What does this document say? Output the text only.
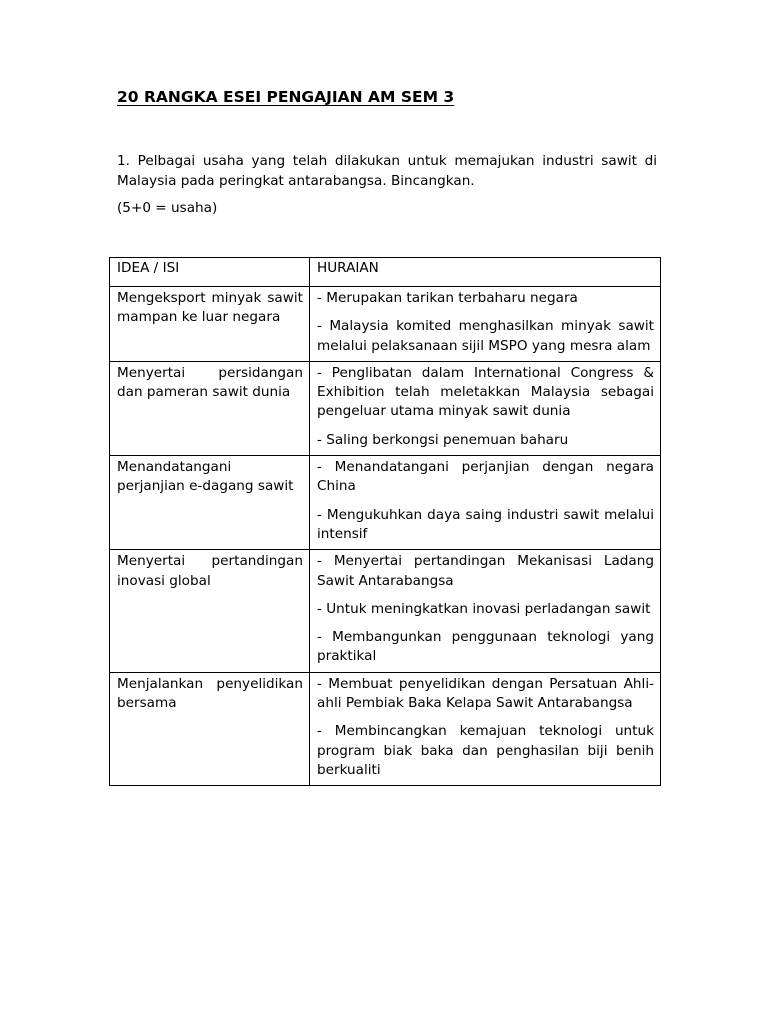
20 RANGKA ESEI PENGAJIAN AM SEM 3
1. Pelbagai usaha yang telah dilakukan untuk memajukan industri sawit di Malaysia pada peringkat antarabangsa. Bincangkan.
(5+0 = usaha)
IDEA / ISI	HURAIAN
Mengeksport minyak sawit mampan ke luar negara	- Merupakan tarikan terbaharu negara

- Malaysia komited menghasilkan minyak sawit melalui pelaksanaan sijil MSPO yang mesra alam

Menyertai persidangan dan pameran sawit dunia	- Penglibatan dalam International Congress & Exhibition telah meletakkan Malaysia sebagai pengeluar utama minyak sawit dunia

- Saling berkongsi penemuan baharu

Menandatangani perjanjian e-dagang sawit	- Menandatangani perjanjian dengan negara China

- Mengukuhkan daya saing industri sawit melalui intensif

Menyertai pertandingan inovasi global	- Menyertai pertandingan Mekanisasi Ladang Sawit Antarabangsa

- Untuk meningkatkan inovasi perladangan sawit

- Membangunkan penggunaan teknologi yang praktikal

Menjalankan penyelidikan bersama	- Membuat penyelidikan dengan Persatuan Ahli-ahli Pembiak Baka Kelapa Sawit Antarabangsa

- Membincangkan kemajuan teknologi untuk program biak baka dan penghasilan biji benih berkualiti
